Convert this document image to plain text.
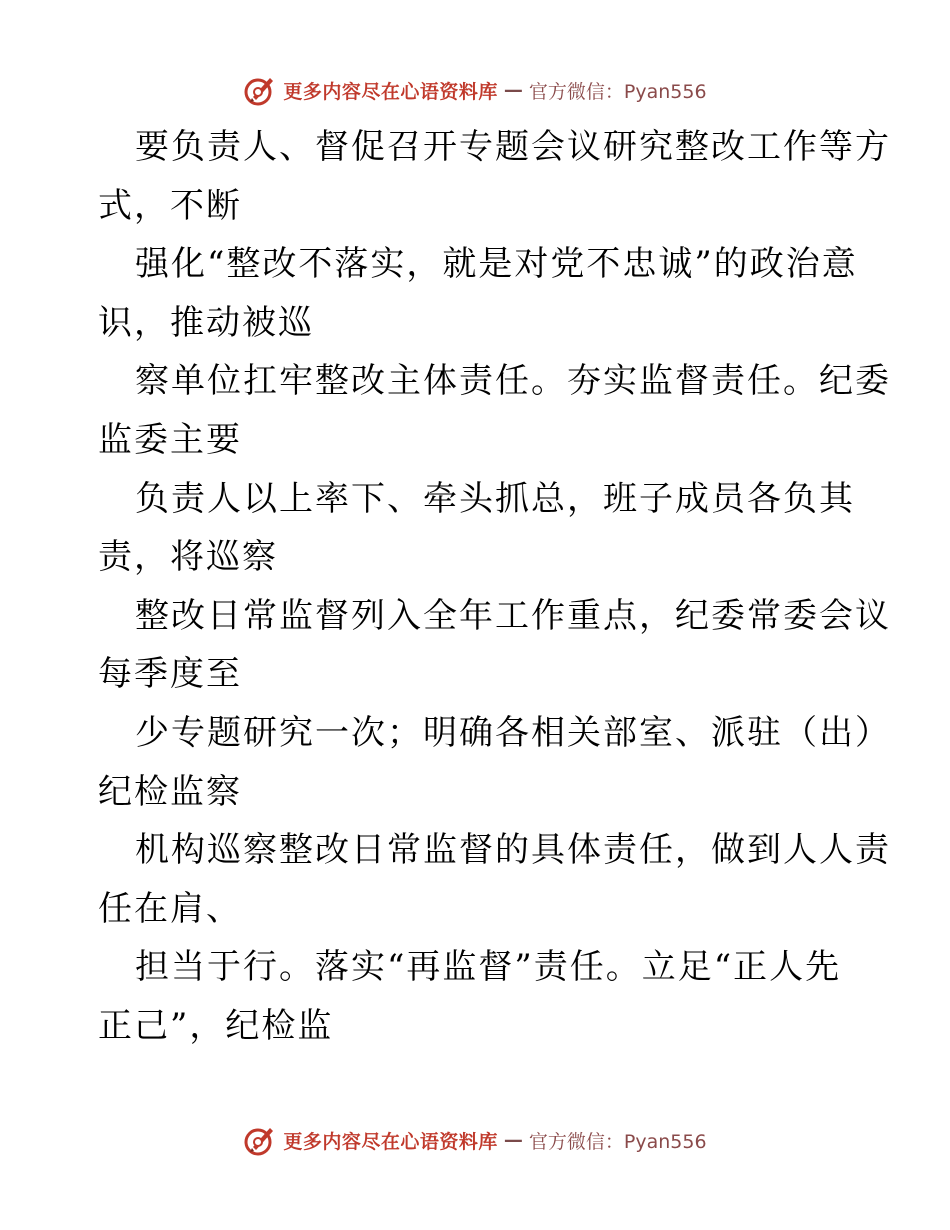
更多内容尽在心语资料库 — 官方微信：Pyan556
要负责人、督促召开专题会议研究整改工作等方
式，不断
强化“整改不落实，就是对党不忠诚”的政治意
识，推动被巡
察单位扛牢整改主体责任。夯实监督责任。纪委
监委主要
负责人以上率下、牵头抓总，班子成员各负其
责，将巡察
整改日常监督列入全年工作重点，纪委常委会议
每季度至
少专题研究一次；明确各相关部室、派驻（出）
纪检监察
机构巡察整改日常监督的具体责任，做到人人责
任在肩、
担当于行。落实“再监督”责任。立足“正人先
正己”，纪检监
更多内容尽在心语资料库 — 官方微信：Pyan556
